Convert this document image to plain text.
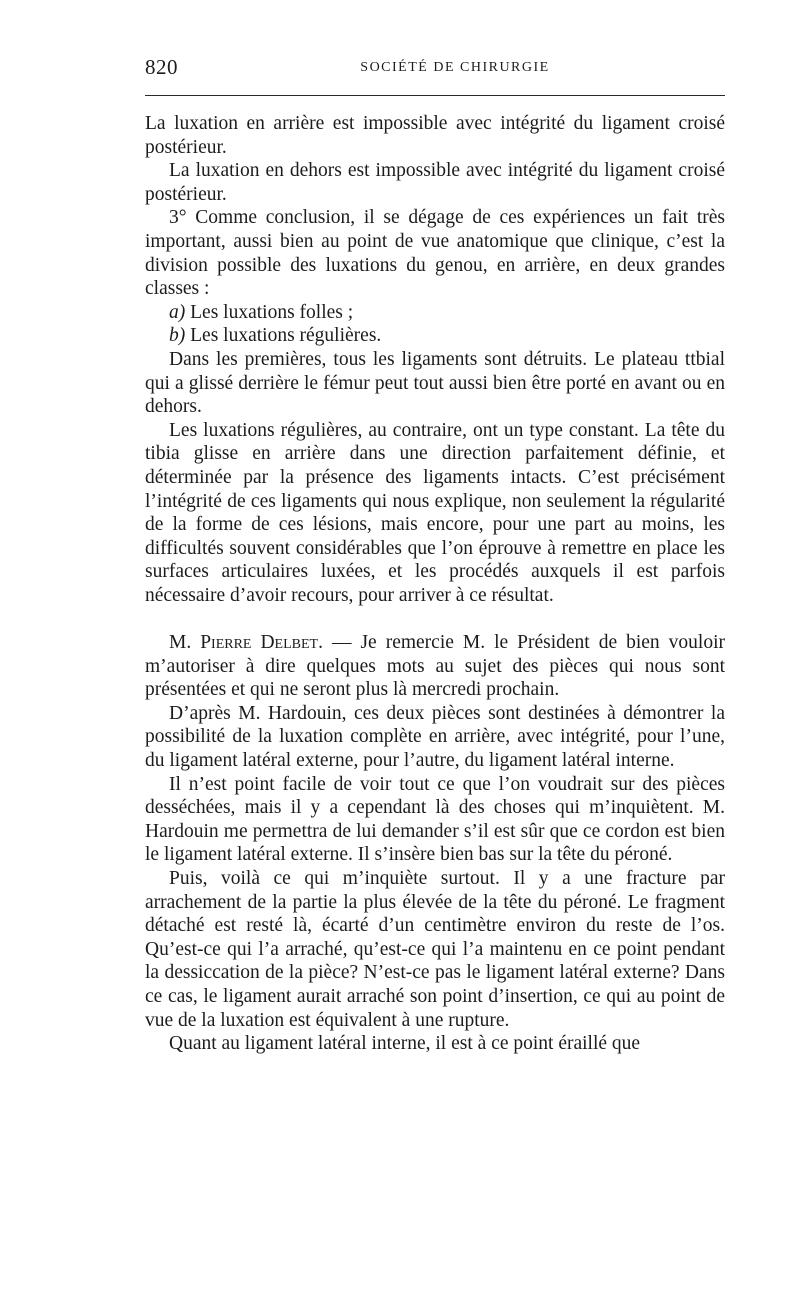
820	SOCIÉTÉ DE CHIRURGIE

La luxation en arrière est impossible avec intégrité du ligament croisé postérieur.

La luxation en dehors est impossible avec intégrité du ligament croisé postérieur.

3° Comme conclusion, il se dégage de ces expériences un fait très important, aussi bien au point de vue anatomique que clinique, c’est la division possible des luxations du genou, en arrière, en deux grandes classes :

a) Les luxations folles ;

b) Les luxations régulières.

Dans les premières, tous les ligaments sont détruits. Le plateau ttbial qui a glissé derrière le fémur peut tout aussi bien être porté en avant ou en dehors.

Les luxations régulières, au contraire, ont un type constant. La tête du tibia glisse en arrière dans une direction parfaitement définie, et déterminée par la présence des ligaments intacts. C’est précisément l’intégrité de ces ligaments qui nous explique, non seulement la régularité de la forme de ces lésions, mais encore, pour une part au moins, les difficultés souvent considérables que l’on éprouve à remettre en place les surfaces articulaires luxées, et les procédés auxquels il est parfois nécessaire d’avoir recours, pour arriver à ce résultat.

M. Pierre Delbet. — Je remercie M. le Président de bien vouloir m’autoriser à dire quelques mots au sujet des pièces qui nous sont présentées et qui ne seront plus là mercredi prochain.

D’après M. Hardouin, ces deux pièces sont destinées à démontrer la possibilité de la luxation complète en arrière, avec intégrité, pour l’une, du ligament latéral externe, pour l’autre, du ligament latéral interne.

Il n’est point facile de voir tout ce que l’on voudrait sur des pièces desséchées, mais il y a cependant là des choses qui m’inquiètent. M. Hardouin me permettra de lui demander s’il est sûr que ce cordon est bien le ligament latéral externe. Il s’insère bien bas sur la tête du péroné.

Puis, voilà ce qui m’inquiète surtout. Il y a une fracture par arrachement de la partie la plus élevée de la tête du péroné. Le fragment détaché est resté là, écarté d’un centimètre environ du reste de l’os. Qu’est-ce qui l’a arraché, qu’est-ce qui l’a maintenu en ce point pendant la dessiccation de la pièce? N’est-ce pas le ligament latéral externe? Dans ce cas, le ligament aurait arraché son point d’insertion, ce qui au point de vue de la luxation est équivalent à une rupture.

Quant au ligament latéral interne, il est à ce point éraillé que
